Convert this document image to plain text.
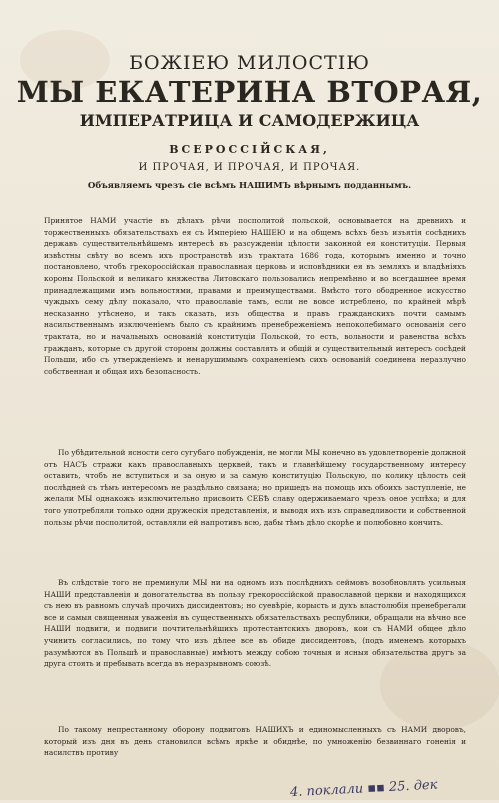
БОЖІЕЮ МИЛОСТІЮ

МЫ ЕКАТЕРИНА ВТОРАЯ,

ИМПЕРАТРИЦА И САМОДЕРЖИЦА

ВСЕРОССІЙСКАЯ,

И ПРОЧАЯ, И ПРОЧАЯ, И ПРОЧАЯ.

Объявляемъ чрезъ сіе всѣмъ НАШИМЪ вѣрнымъ подданнымъ.

Принятое НАМИ участіе въ дѣлахъ рѣчи посполитой польской, основывается на древнихъ и торжественныхъ обязательствахъ ея съ Имперіею НАШЕЮ и на общемъ всѣхъ безъ изъятія сосѣднихъ державъ существительнѣйшемъ интересѣ въ разсужденіи цѣлости законной ея конституціи. Первыя извѣстны свѣту во всемъ ихъ пространствѣ изъ трактата 1686 года, которымъ именно и точно постановлено, чтобъ грекороссійская православная церковь и исповѣдники ея въ земляхъ и владѣніяхъ короны Польской и великаго княжества Литовскаго пользовались непремѣнно и во всегдашнее время принадлежащими имъ вольностями, правами и преимуществами. Вмѣсто того ободренное искусство чуждыхъ сему дѣлу показало, что православіе тамъ, если не вовсе истреблено, по крайней мѣрѣ несказанно утѣснено, и такъ сказать, изъ общества и правъ гражданскихъ почти самымъ насильственнымъ изключеніемъ было съ крайнимъ пренебреженіемъ непоколебимаго основанія сего трактата, но и начальныхъ основаній конституціи Польской, то есть, вольности и равенства всѣхъ гражданъ, которые съ другой стороны должны составлять и общій и существительный интересъ сосѣдей Польши, ибо съ утвержденіемъ и ненарушимымъ сохраненіемъ сихъ основаній соединена неразлучно собственная и общая ихъ безопасность.

По убѣдительной ясности сего сугубаго побужденія, не могли МЫ конечно въ удовлетвореніе должной отъ НАСЪ стражи какъ православныхъ церквей, такъ и главнѣйшему государственному интересу оставить, чтобъ не вступиться и за оную и за самую конституцію Польскую, по колику цѣлость сей послѣдней съ тѣмъ интересомъ не раздѣльно связана; но пришедъ на помощь ихъ обоихъ заступленіе, не желали МЫ однакожъ изключительно присвоить СЕБѢ славу одерживаемаго чрезъ оное успѣха; и для того употребляли только одни дружескія представленія, и выводя ихъ изъ справедливости и собственной пользы рѣчи посполитой, оставляли ей напротивъ всю, дабы тѣмъ дѣло скорѣе и полюбовно кончить.

Въ слѣдствіе того не преминули МЫ ни на одномъ изъ послѣднихъ сеймовъ возобновлять усильныя НАШИ представленія и доногательства въ пользу грекороссійской православной церкви и находящихся съ нею въ равномъ случаѣ прочихъ диссидентовъ; но суевѣріе, корысть и духъ властолюбія пренебрегали все и самыя священныя уваженія въ существенныхъ обязательствахъ республики, обращали на вѣчно все НАШИ подвиги, и подвиги почтительнѣйшихъ протестантскихъ дворовъ, кои съ НАМИ общее дѣло учинить согласились, по тому что изъ дѣлее все въ обиде диссидентовъ, (подъ именемъ которыхъ разумѣются въ Польшѣ и православные) имѣютъ между собою точныя и ясныя обязательства другъ за друга стоять и пребывать всегда въ неразрывномъ союзѣ.

По такому непрестанному оборону подвиговъ НАШИХЪ и единомысленныхъ съ НАМИ дворовъ, который изъ дня въ день становился всѣмъ яркѣе и обиднѣе, по умноженію безвиннаго гоненія и насилствъ противу

4. поклали ▪▪ 25. дек
